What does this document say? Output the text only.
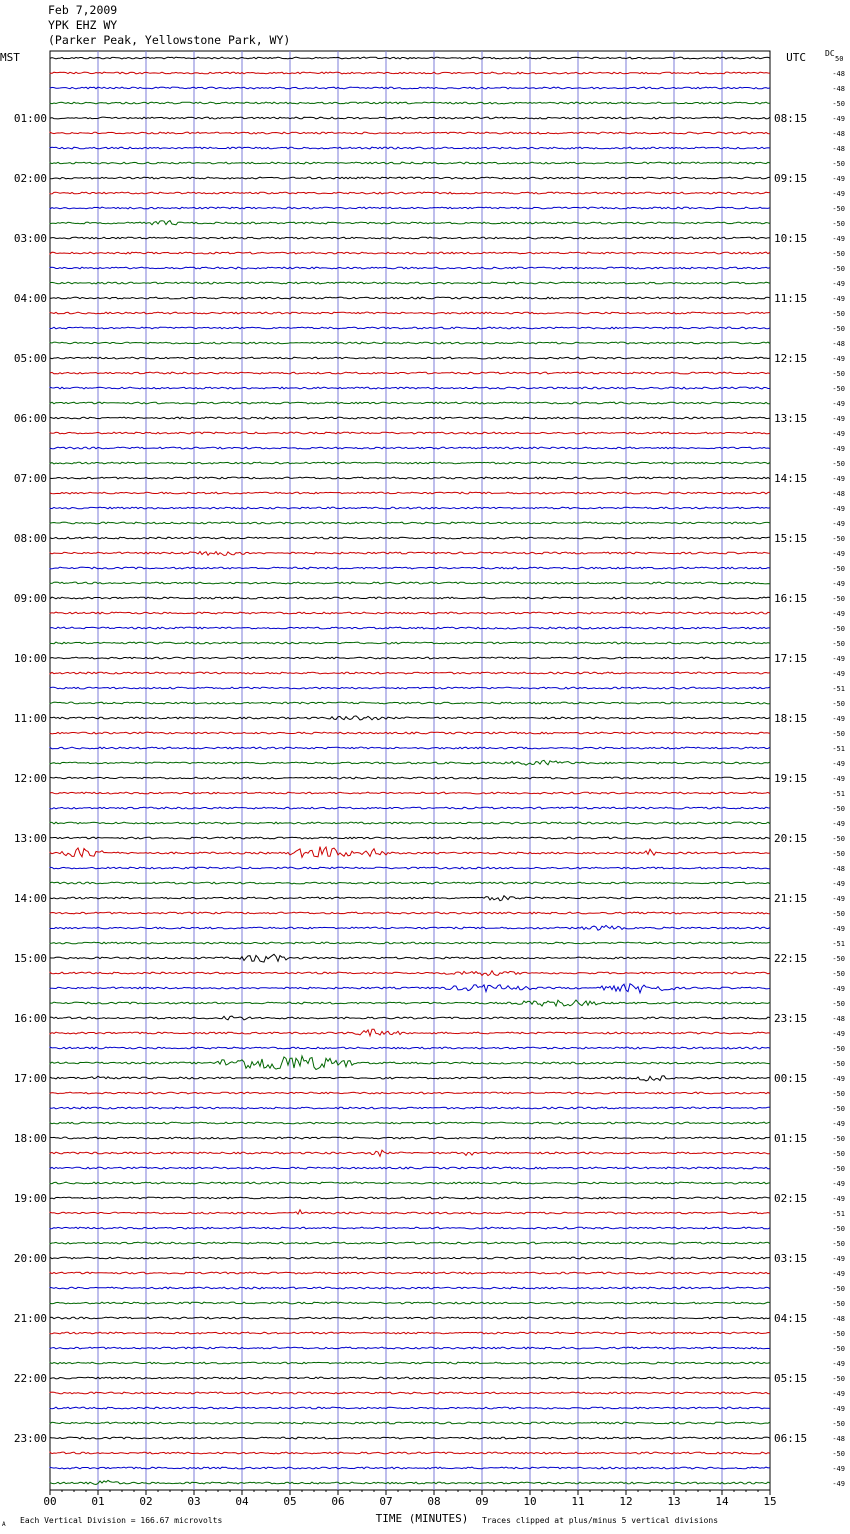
Feb 7,2009
YPK EHZ WY
(Parker Peak, Yellowstone Park, WY)
DC
50
-48
-48
-50
-49
-48
-48
-50
-49
-49
-50
-50
-49
-50
-50
-49
-49
-50
-50
-48
-49
-50
-50
-49
-49
-49
-49
-50
-49
-48
-49
-49
-50
-49
-50
-49
-50
-49
-50
-50
-49
-49
-51
-50
-49
-50
-51
-49
-49
-51
-50
-49
-50
-50
-48
-49
-49
-50
-49
-51
-50
-50
-49
-50
-48
-49
-50
-50
-49
-50
-50
-49
-50
-50
-50
-49
-49
-51
-50
-50
-49
-49
-50
-50
-48
-50
-50
-49
-50
-49
-49
-50
-48
-50
-49
-49
MST	UTC
01:00
02:00
03:00
04:00
05:00
06:00
07:00
08:00
09:00
10:00
11:00
12:00
13:00
14:00
15:00
16:00
17:00
18:00
19:00
20:00
21:00
22:00
23:00
08:15
09:15
10:15
11:15
12:15
13:15
14:15
15:15
16:15
17:15
18:15
19:15
20:15
21:15
22:15
23:15
00:15
01:15
02:15
03:15
04:15
05:15
06:15
00	01	02	03	04	05	06	07	08	09	10	11	12	13	14	15
TIME (MINUTES)
A Each Vertical Division = 166.67 microvolts	Traces clipped at plus/minus 5 vertical divisions
